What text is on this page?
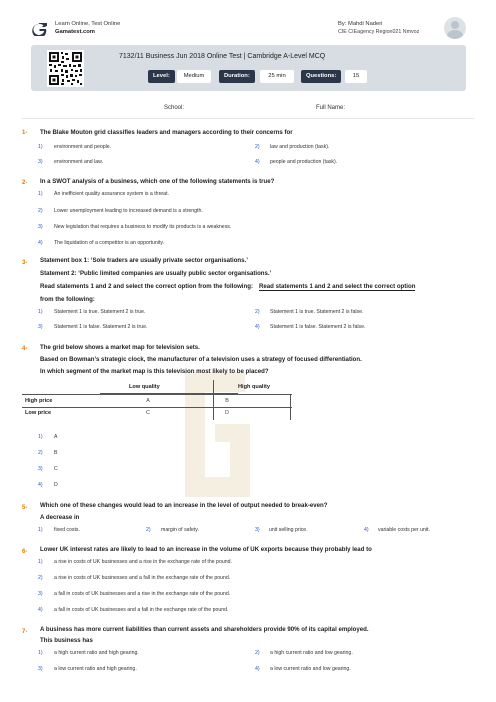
Learn Online, Test Online
Gamatest.com
By: Mahdi Naderi
CIE CIEagency Region021 Nmvoz
7132/11 Business Jun 2018 Online Test | Cambridge A-Level MCQ
Level:	Medium	Duration:	25 min	Questions:	15
School:	Full Name:
1- The Blake Mouton grid classifies leaders and managers according to their concerns for
1) environment and people.	2) law and production (task).
3) environment and law.	4) people and production (task).
2- In a SWOT analysis of a business, which one of the following statements is true?
1) An inefficient quality assurance system is a threat.
2) Lower unemployment leading to increased demand is a strength.
3) New legislation that requires a business to modify its products is a weakness.
4) The liquidation of a competitor is an opportunity.
3- Statement box 1: ‘Sole traders are usually private sector organisations.’
Statement 2: ‘Public limited companies are usually public sector organisations.’
Read statements 1 and 2 and select the correct option from the following: Read statements 1 and 2 and select the correct option
from the following:
1) Statement 1 is true. Statement 2 is true.	2) Statement 1 is true. Statement 2 is false.
3) Statement 1 is false. Statement 2 is true.	4) Statement 1 is false. Statement 2 is false.
4- The grid below shows a market map for television sets.
Based on Bowman’s strategic clock, the manufacturer of a television uses a strategy of focused differentiation.
In which segment of the market map is this television most likely to be placed?
Low quality	High quality
High price	A	B
Low price	C	D
1) A
2) B
3) C
4) D
5- Which one of these changes would lead to an increase in the level of output needed to break-even?
A decrease in
1) fixed costs.	2) margin of safety.	3) unit selling price.	4) variable costs per unit.
6- Lower UK interest rates are likely to lead to an increase in the volume of UK exports because they probably lead to
1) a rise in costs of UK businesses and a rise in the exchange rate of the pound.
2) a rise in costs of UK businesses and a fall in the exchange rate of the pound.
3) a fall in costs of UK businesses and a rise in the exchange rate of the pound.
4) a fall in costs of UK businesses and a fall in the exchange rate of the pound.
7- A business has more current liabilities than current assets and shareholders provide 90% of its capital employed.
This business has
1) a high current ratio and high gearing.	2) a high current ratio and low gearing.
3) a low current ratio and high gearing.	4) a low current ratio and low gearing.
